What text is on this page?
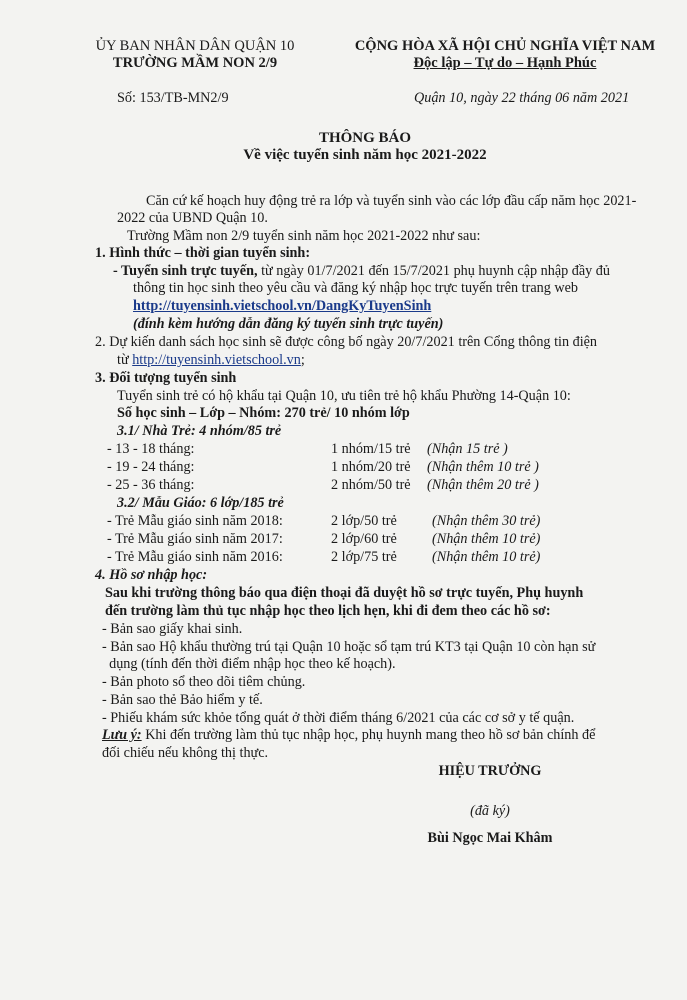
ỦY BAN NHÂN DÂN QUẬN 10
TRƯỜNG MẦM NON 2/9
CỘNG HÒA XÃ HỘI CHỦ NGHĨA VIỆT NAM
Độc lập – Tự do – Hạnh Phúc
Số: 153/TB-MN2/9	Quận 10, ngày 22 tháng 06 năm 2021
THÔNG BÁO
Về việc tuyển sinh năm học 2021-2022
Căn cứ kế hoạch huy động trẻ ra lớp và tuyển sinh vào các lớp đầu cấp năm học 2021-
2022 của UBND Quận 10.
Trường Mầm non 2/9 tuyển sinh năm học 2021-2022 như sau:
1. Hình thức – thời gian tuyển sinh:
- Tuyển sinh trực tuyến, từ ngày 01/7/2021 đến 15/7/2021 phụ huynh cập nhập đầy đủ
thông tin học sinh theo yêu cầu và đăng ký nhập học trực tuyến trên trang web
http://tuyensinh.vietschool.vn/DangKyTuyenSinh
(đính kèm hướng dẫn đăng ký tuyển sinh trực tuyến)
2. Dự kiến danh sách học sinh sẽ được công bố ngày 20/7/2021 trên Cổng thông tin điện
từ http://tuyensinh.vietschool.vn;
3. Đối tượng tuyển sinh
Tuyển sinh trẻ có hộ khẩu tại Quận 10, ưu tiên trẻ hộ khẩu Phường 14-Quận 10:
Số học sinh – Lớp – Nhóm: 270 trẻ/ 10 nhóm lớp
3.1/ Nhà Trẻ: 4 nhóm/85 trẻ
- 13 - 18 tháng:	1 nhóm/15 trẻ (Nhận 15 trẻ )
- 19 - 24 tháng:	1 nhóm/20 trẻ (Nhận thêm 10 trẻ )
- 25 - 36 tháng:	2 nhóm/50 trẻ (Nhận thêm 20 trẻ )
3.2/ Mẫu Giáo: 6 lớp/185 trẻ
- Trẻ Mẫu giáo sinh năm 2018:	2 lớp/50 trẻ (Nhận thêm 30 trẻ)
- Trẻ Mẫu giáo sinh năm 2017:	2 lớp/60 trẻ (Nhận thêm 10 trẻ)
- Trẻ Mẫu giáo sinh năm 2016:	2 lớp/75 trẻ (Nhận thêm 10 trẻ)
4. Hồ sơ nhập học:
Sau khi trường thông báo qua điện thoại đã duyệt hồ sơ trực tuyến, Phụ huynh
đến trường làm thủ tục nhập học theo lịch hẹn, khi đi đem theo các hồ sơ:
- Bản sao giấy khai sinh.
- Bản sao Hộ khẩu thường trú tại Quận 10 hoặc sổ tạm trú KT3 tại Quận 10 còn hạn sử
dụng (tính đến thời điểm nhập học theo kế hoạch).
- Bản photo sổ theo dõi tiêm chủng.
- Bản sao thẻ Bảo hiểm y tế.
- Phiếu khám sức khỏe tổng quát ở thời điểm tháng 6/2021 của các cơ sở y tế quận.
Lưu ý: Khi đến trường làm thủ tục nhập học, phụ huynh mang theo hồ sơ bản chính để
đối chiếu nếu không thị thực.
HIỆU TRƯỞNG
(đã ký)
Bùi Ngọc Mai Khâm
